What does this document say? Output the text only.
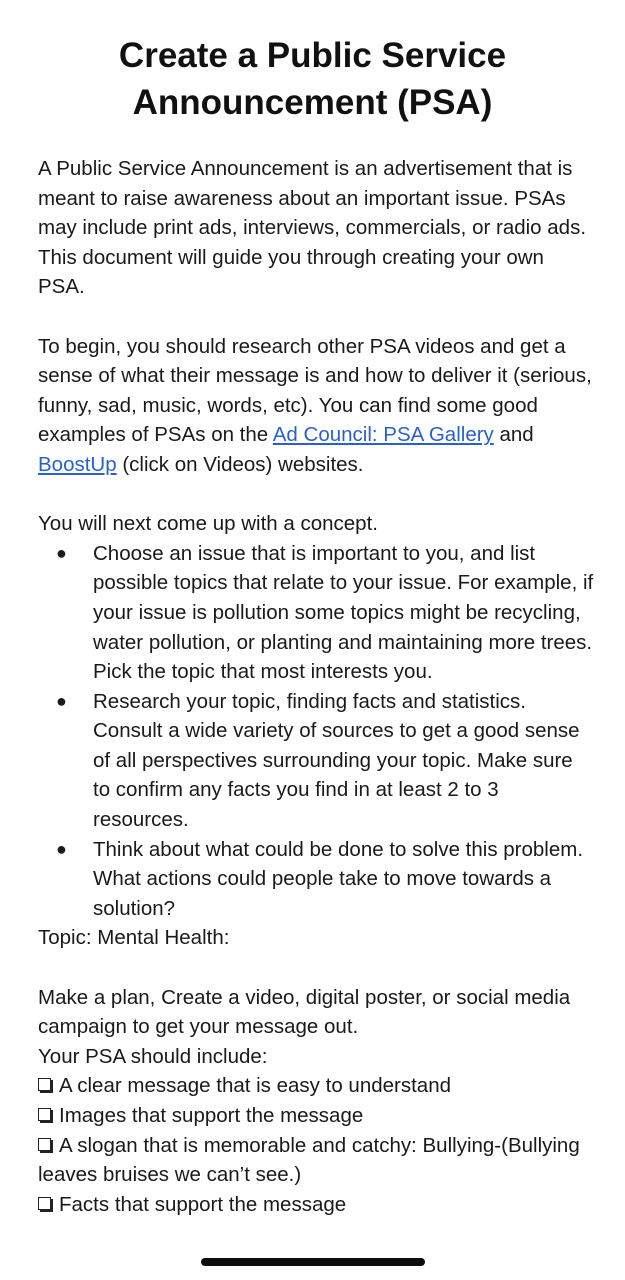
Create a Public Service
Announcement (PSA)

A Public Service Announcement is an advertisement that is meant to raise awareness about an important issue. PSAs may include print ads, interviews, commercials, or radio ads. This document will guide you through creating your own PSA.

To begin, you should research other PSA videos and get a sense of what their message is and how to deliver it (serious, funny, sad, music, words, etc). You can find some good examples of PSAs on the Ad Council: PSA Gallery and BoostUp (click on Videos) websites.

You will next come up with a concept.

● Choose an issue that is important to you, and list possible topics that relate to your issue. For example, if your issue is pollution some topics might be recycling, water pollution, or planting and maintaining more trees. Pick the topic that most interests you.
● Research your topic, finding facts and statistics. Consult a wide variety of sources to get a good sense of all perspectives surrounding your topic. Make sure to confirm any facts you find in at least 2 to 3 resources.
● Think about what could be done to solve this problem. What actions could people take to move towards a solution?

Topic: Mental Health:

Make a plan, Create a video, digital poster, or social media campaign to get your message out.

Your PSA should include:

A clear message that is easy to understand
Images that support the message
A slogan that is memorable and catchy: Bullying-(Bullying leaves bruises we can’t see.)
Facts that support the message
